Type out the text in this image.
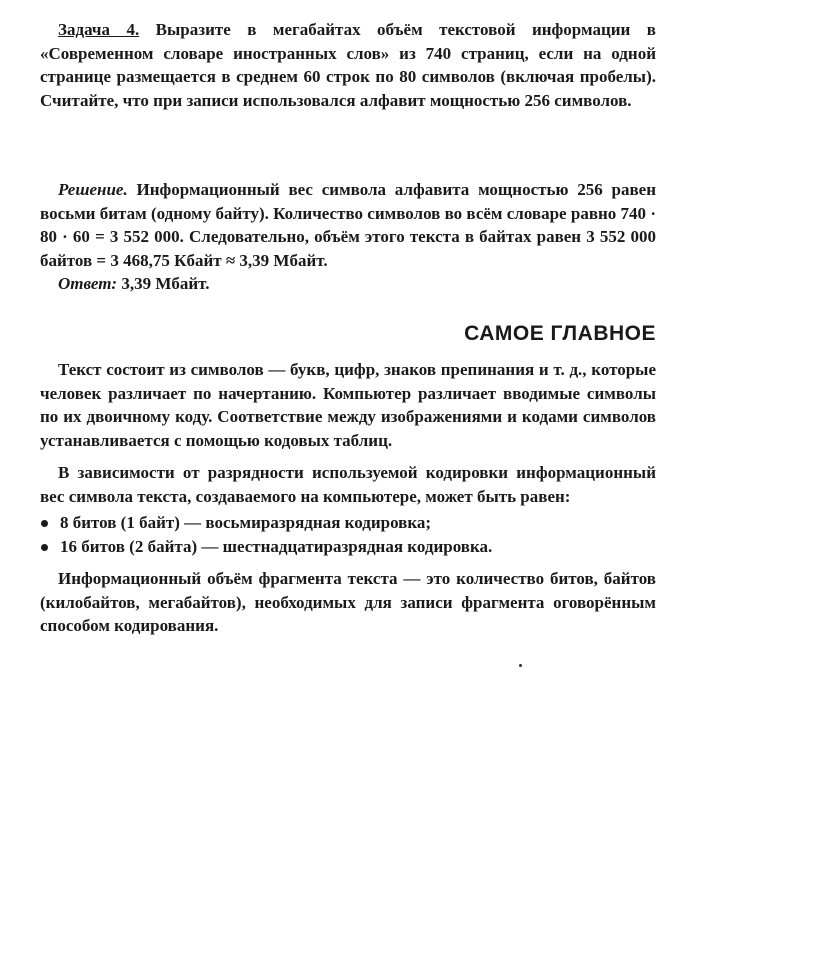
Задача 4. Выразите в мегабайтах объём текстовой информации в «Современном словаре иностранных слов» из 740 страниц, если на одной странице размещается в среднем 60 строк по 80 символов (включая пробелы). Считайте, что при записи использовался алфавит мощностью 256 символов.
Решение. Информационный вес символа алфавита мощностью 256 равен восьми битам (одному байту). Количество символов во всём словаре равно 740 · 80 · 60 = 3 552 000. Следовательно, объём этого текста в байтах равен 3 552 000 байтов = 3 468,75 Кбайт ≈ 3,39 Мбайт.
Ответ: 3,39 Мбайт.
САМОЕ ГЛАВНОЕ

Текст состоит из символов — букв, цифр, знаков препинания и т. д., которые человек различает по начертанию. Компьютер различает вводимые символы по их двоичному коду. Соответствие между изображениями и кодами символов устанавливается с помощью кодовых таблиц.

В зависимости от разрядности используемой кодировки информационный вес символа текста, создаваемого на компьютере, может быть равен:

8 битов (1 байт) — восьмиразрядная кодировка;
16 битов (2 байта) — шестнадцатиразрядная кодировка.

Информационный объём фрагмента текста — это количество битов, байтов (килобайтов, мегабайтов), необходимых для записи фрагмента оговорённым способом кодирования.
